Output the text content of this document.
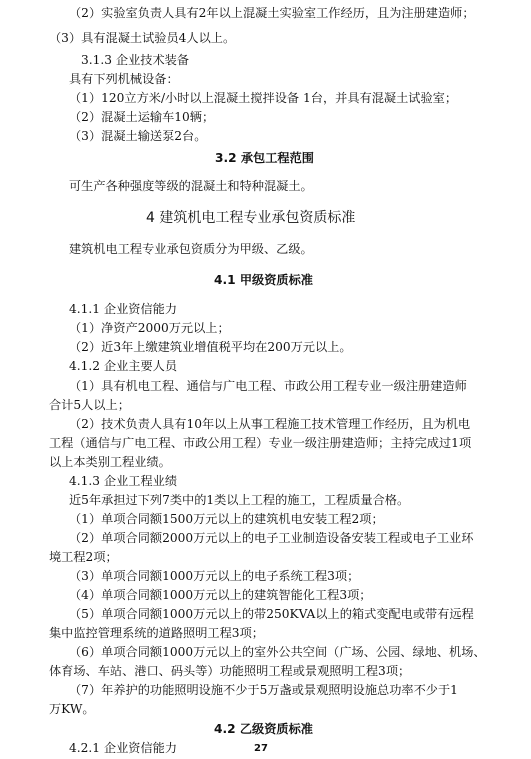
（2）实验室负责人具有2年以上混凝土实验室工作经历，且为注册建造师；
（3）具有混凝土试验员4人以上。
3.1.3 企业技术装备
具有下列机械设备：
（1）120立方米/小时以上混凝土搅拌设备 1台，并具有混凝土试验室；
（2）混凝土运输车10辆；
（3）混凝土输送泵2台。
3.2 承包工程范围
可生产各种强度等级的混凝土和特种混凝土。
4 建筑机电工程专业承包资质标准
建筑机电工程专业承包资质分为甲级、乙级。
4.1 甲级资质标准
4.1.1 企业资信能力
（1）净资产2000万元以上；
（2）近3年上缴建筑业增值税平均在200万元以上。
4.1.2 企业主要人员
（1）具有机电工程、通信与广电工程、市政公用工程专业一级注册建造师
合计5人以上；
（2）技术负责人具有10年以上从事工程施工技术管理工作经历，且为机电
工程（通信与广电工程、市政公用工程）专业一级注册建造师；主持完成过1项
以上本类别工程业绩。
4.1.3 企业工程业绩
近5年承担过下列7类中的1类以上工程的施工，工程质量合格。
（1）单项合同额1500万元以上的建筑机电安装工程2项；
（2）单项合同额2000万元以上的电子工业制造设备安装工程或电子工业环
境工程2项；
（3）单项合同额1000万元以上的电子系统工程3项；
（4）单项合同额1000万元以上的建筑智能化工程3项；
（5）单项合同额1000万元以上的带250KVA以上的箱式变配电或带有远程
集中监控管理系统的道路照明工程3项；
（6）单项合同额1000万元以上的室外公共空间（广场、公园、绿地、机场、
体育场、车站、港口、码头等）功能照明工程或景观照明工程3项；
（7）年养护的功能照明设施不少于5万盏或景观照明设施总功率不少于1
万KW。
4.2 乙级资质标准
4.2.1 企业资信能力	27
